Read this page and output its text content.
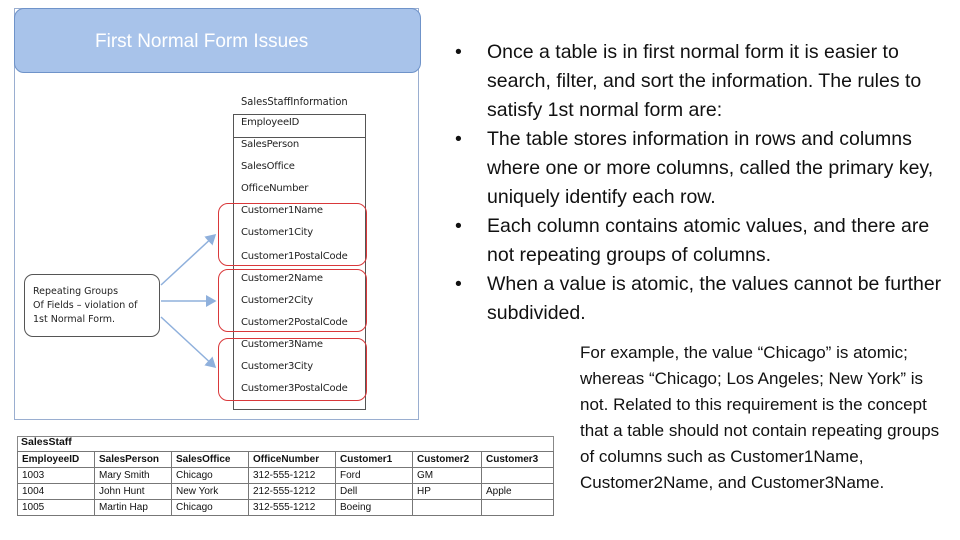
First Normal Form Issues
SalesStaffInformation
EmployeeID
SalesPerson
SalesOffice
OfficeNumber
Customer1Name
Customer1City
Customer1PostalCode
Customer2Name
Customer2City
Customer2PostalCode
Customer3Name
Customer3City
Customer3PostalCode
Repeating Groups
Of Fields – violation of
1st Normal Form.
SalesStaff
EmployeeID	SalesPerson	SalesOffice	OfficeNumber	Customer1	Customer2	Customer3
1003	Mary Smith	Chicago	312-555-1212	Ford	GM	
1004	John Hunt	New York	212-555-1212	Dell	HP	Apple
1005	Martin Hap	Chicago	312-555-1212	Boeing		
• Once a table is in first normal form it is easier to search, filter, and sort the information. The rules to satisfy 1st normal form are:
• The table stores information in rows and columns where one or more columns, called the primary key, uniquely identify each row.
• Each column contains atomic values, and there are not repeating groups of columns.
• When a value is atomic, the values cannot be further subdivided.
For example, the value “Chicago” is atomic; whereas “Chicago; Los Angeles; New York” is not. Related to this requirement is the concept that a table should not contain repeating groups of columns such as Customer1Name, Customer2Name, and Customer3Name.
